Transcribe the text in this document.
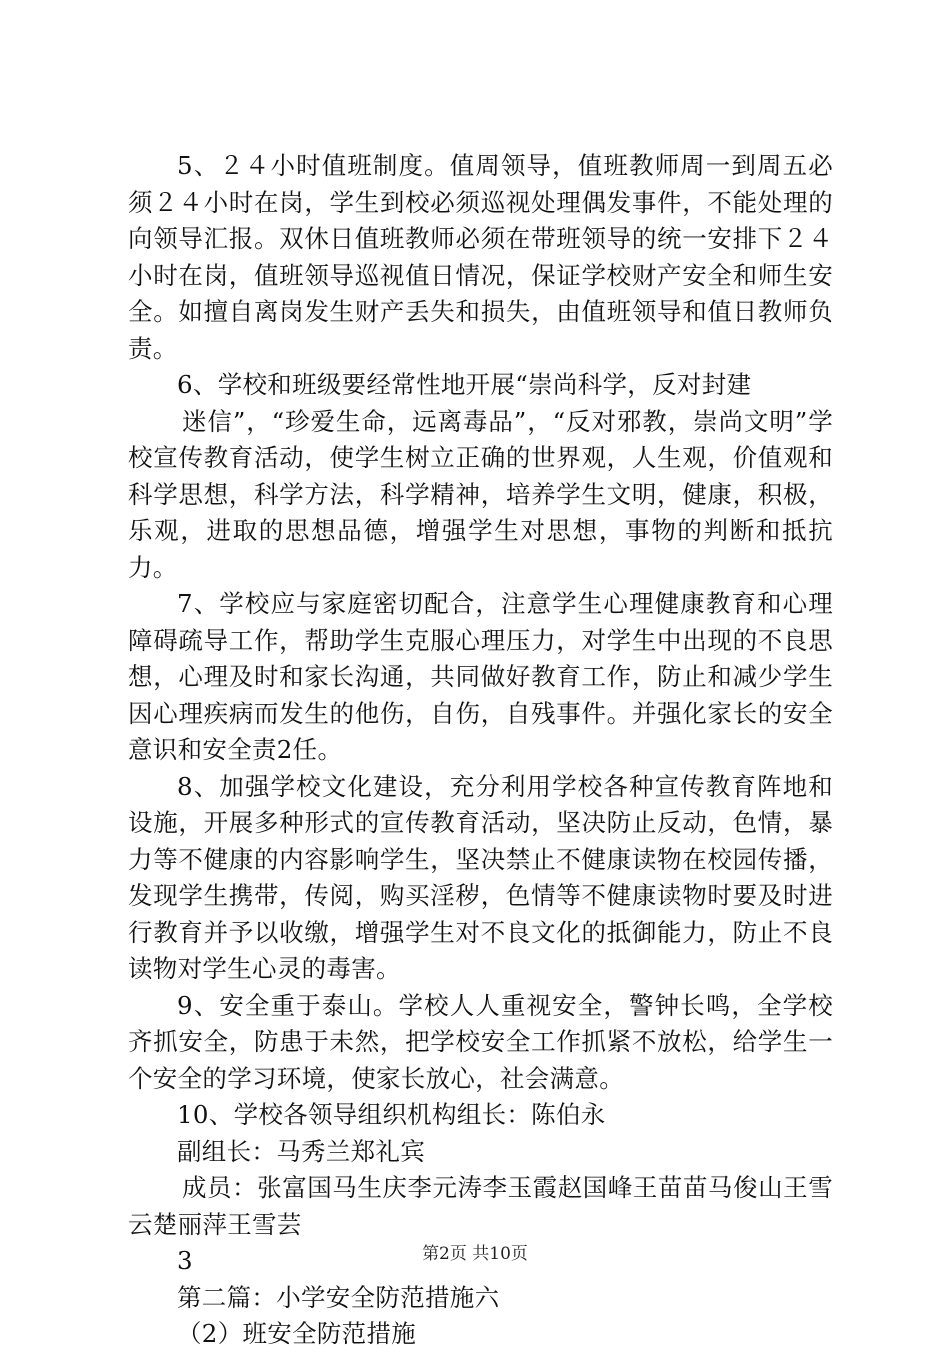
5、２４小时值班制度。值周领导，值班教师周一到周五必须２４小时在岗，学生到校必须巡视处理偶发事件，不能处理的向领导汇报。双休日值班教师必须在带班领导的统一安排下２４小时在岗，值班领导巡视值日情况，保证学校财产安全和师生安全。如擅自离岗发生财产丢失和损失，由值班领导和值日教师负责。

6、学校和班级要经常性地开展“崇尚科学，反对封建

迷信”，“珍爱生命，远离毒品”，“反对邪教，崇尚文明”学校宣传教育活动，使学生树立正确的世界观，人生观，价值观和科学思想，科学方法，科学精神，培养学生文明，健康，积极，乐观，进取的思想品德，增强学生对思想，事物的判断和抵抗力。

7、学校应与家庭密切配合，注意学生心理健康教育和心理障碍疏导工作，帮助学生克服心理压力，对学生中出现的不良思想，心理及时和家长沟通，共同做好教育工作，防止和减少学生因心理疾病而发生的他伤，自伤，自残事件。并强化家长的安全意识和安全责2任。

8、加强学校文化建设，充分利用学校各种宣传教育阵地和设施，开展多种形式的宣传教育活动，坚决防止反动，色情，暴力等不健康的内容影响学生，坚决禁止不健康读物在校园传播，发现学生携带，传阅，购买淫秽，色情等不健康读物时要及时进行教育并予以收缴，增强学生对不良文化的抵御能力，防止不良读物对学生心灵的毒害。

9、安全重于泰山。学校人人重视安全，警钟长鸣，全学校齐抓安全，防患于未然，把学校安全工作抓紧不放松，给学生一个安全的学习环境，使家长放心，社会满意。

10、学校各领导组织机构组长：陈伯永

副组长：马秀兰郑礼宾

成员：张富国马生庆李元涛李玉霞赵国峰王苗苗马俊山王雪云楚丽萍王雪芸

3

第二篇：小学安全防范措施六

（2）班安全防范措施

第2页 共10页
